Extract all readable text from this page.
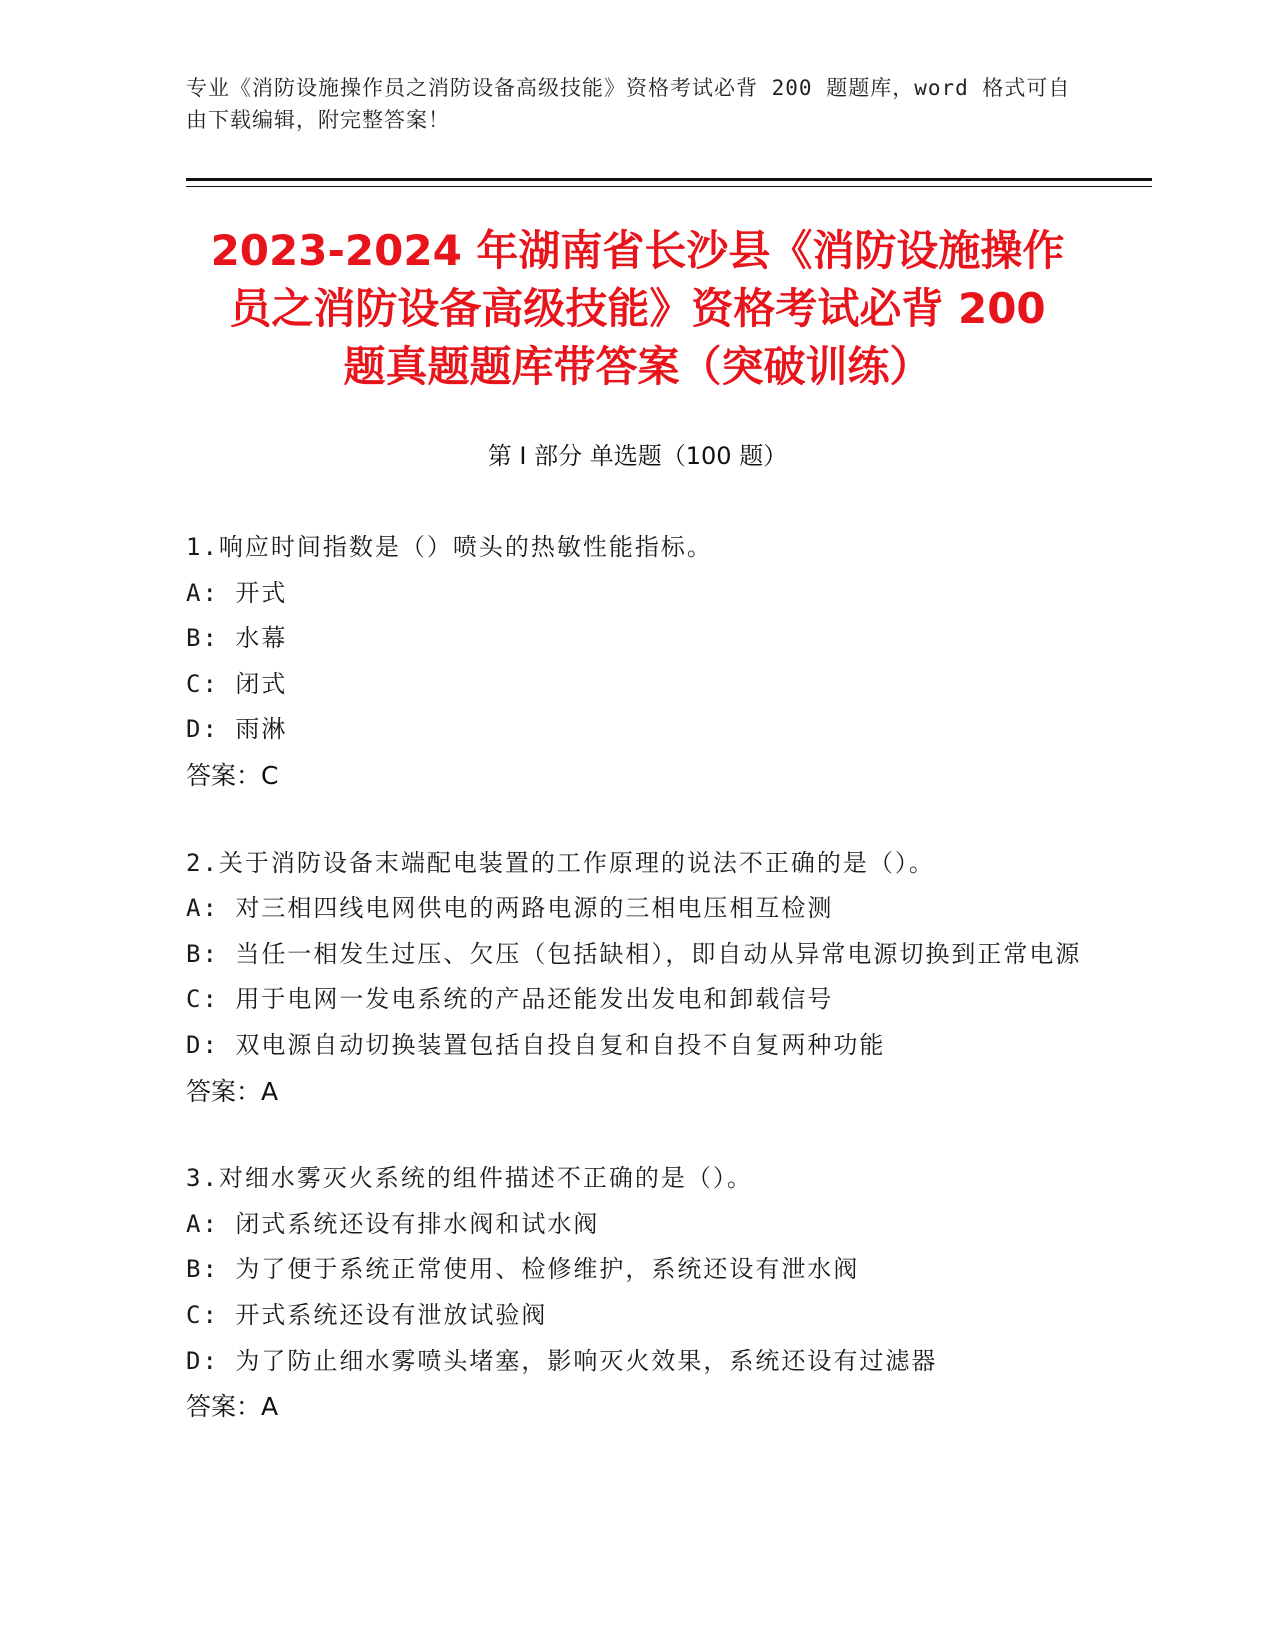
专业《消防设施操作员之消防设备高级技能》资格考试必背 200 题题库，word 格式可自由下载编辑，附完整答案！
2023-2024 年湖南省长沙县《消防设施操作
员之消防设备高级技能》资格考试必背 200
题真题题库带答案（突破训练）
第 I 部分 单选题（100 题）
1.响应时间指数是（）喷头的热敏性能指标。
A: 开式
B: 水幕
C: 闭式
D: 雨淋
答案：C
2.关于消防设备末端配电装置的工作原理的说法不正确的是（）。
A: 对三相四线电网供电的两路电源的三相电压相互检测
B: 当任一相发生过压、欠压（包括缺相），即自动从异常电源切换到正常电源
C: 用于电网一发电系统的产品还能发出发电和卸载信号
D: 双电源自动切换装置包括自投自复和自投不自复两种功能
答案：A
3.对细水雾灭火系统的组件描述不正确的是（）。
A: 闭式系统还设有排水阀和试水阀
B: 为了便于系统正常使用、检修维护，系统还设有泄水阀
C: 开式系统还设有泄放试验阀
D: 为了防止细水雾喷头堵塞，影响灭火效果，系统还设有过滤器
答案：A
